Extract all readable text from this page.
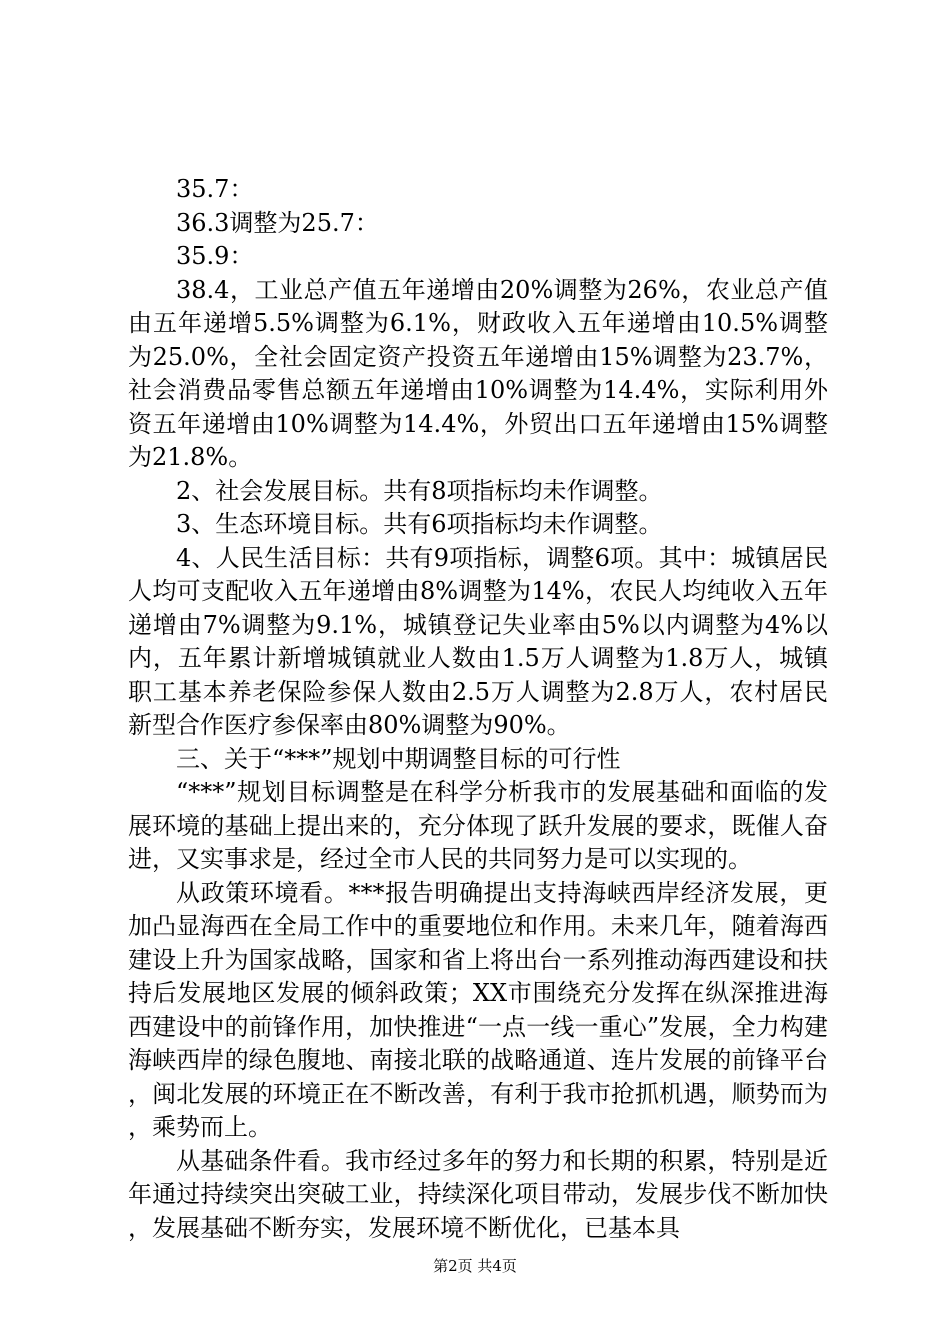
35.7：

36.3调整为25.7：

35.9：

38.4，工业总产值五年递增由20%调整为26%，农业总产值由五年递增5.5%调整为6.1%，财政收入五年递增由10.5%调整为25.0%，全社会固定资产投资五年递增由15%调整为23.7%，社会消费品零售总额五年递增由10%调整为14.4%，实际利用外资五年递增由10%调整为14.4%，外贸出口五年递增由15%调整为21.8%。

2、社会发展目标。共有8项指标均未作调整。

3、生态环境目标。共有6项指标均未作调整。

4、人民生活目标：共有9项指标，调整6项。其中：城镇居民人均可支配收入五年递增由8%调整为14%，农民人均纯收入五年递增由7%调整为9.1%，城镇登记失业率由5%以内调整为4%以内，五年累计新增城镇就业人数由1.5万人调整为1.8万人，城镇职工基本养老保险参保人数由2.5万人调整为2.8万人，农村居民新型合作医疗参保率由80%调整为90%。

三、关于“***”规划中期调整目标的可行性

“***”规划目标调整是在科学分析我市的发展基础和面临的发展环境的基础上提出来的，充分体现了跃升发展的要求，既催人奋进，又实事求是，经过全市人民的共同努力是可以实现的。

从政策环境看。***报告明确提出支持海峡西岸经济发展，更加凸显海西在全局工作中的重要地位和作用。未来几年，随着海西建设上升为国家战略，国家和省上将出台一系列推动海西建设和扶持后发展地区发展的倾斜政策；XX市围绕充分发挥在纵深推进海西建设中的前锋作用，加快推进“一点一线一重心”发展，全力构建海峡西岸的绿色腹地、南接北联的战略通道、连片发展的前锋平台，闽北发展的环境正在不断改善，有利于我市抢抓机遇，顺势而为，乘势而上。

从基础条件看。我市经过多年的努力和长期的积累，特别是近年通过持续突出突破工业，持续深化项目带动，发展步伐不断加快，发展基础不断夯实，发展环境不断优化，已基本具

第2页 共4页
